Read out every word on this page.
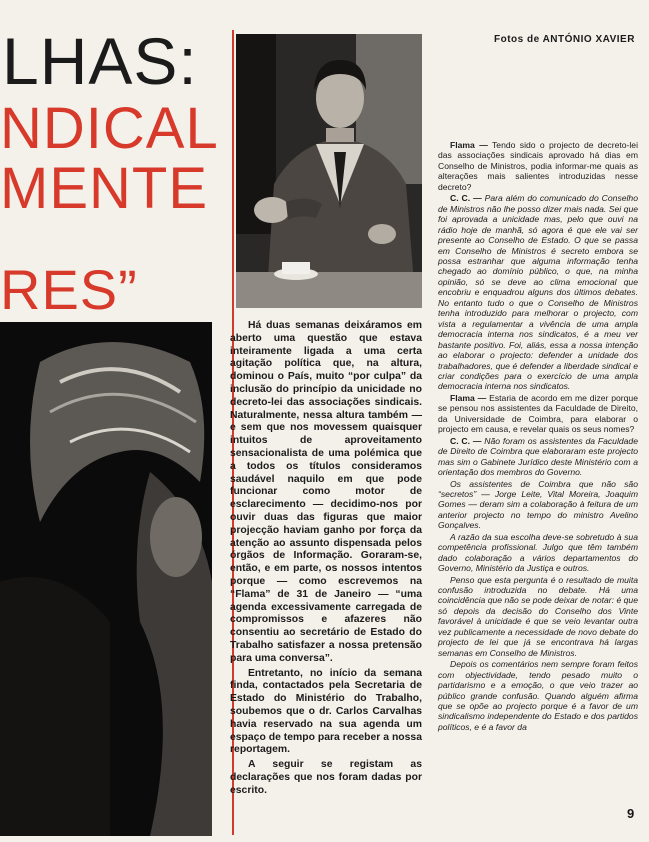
LHAS:
NDICAL
MENTE
RES”

Fotos de ANTÓNIO XAVIER

Há duas semanas deixáramos em aberto uma questão que estava inteiramente ligada a uma certa agitação política que, na altura, dominou o País, muito “por culpa” da inclusão do princípio da unicidade no decreto-lei das associações sindicais. Naturalmente, nessa altura também — e sem que nos movessem quaisquer intuitos de aproveitamento sensacionalista de uma polémica que a todos os títulos consideramos saudável naquilo em que pode funcionar como motor de esclarecimento — decidimo-nos por ouvir duas das figuras que maior projecção haviam ganho por força da atenção ao assunto dispensada pelos órgãos de Informação. Goraram-se, então, e em parte, os nossos intentos porque — como escrevemos na “Flama” de 31 de Janeiro — “uma agenda excessivamente carregada de compromissos e afazeres não consentiu ao secretário de Estado do Trabalho satisfazer a nossa pretensão para uma conversa”.

Entretanto, no início da semana finda, contactados pela Secretaria de Estado do Ministério do Trabalho, soubemos que o dr. Carlos Carvalhas havia reservado na sua agenda um espaço de tempo para receber a nossa reportagem.

A seguir se registam as declarações que nos foram dadas por escrito.

Flama — Tendo sido o projecto de decreto-lei das associações sindicais aprovado há dias em Conselho de Ministros, podia informar-me quais as alterações mais salientes introduzidas nesse decreto?

C. C. — Para além do comunicado do Conselho de Ministros não lhe posso dizer mais nada. Sei que foi aprovada a unicidade mas, pelo que ouvi na rádio hoje de manhã, só agora é que ele vai ser presente ao Conselho de Estado. O que se passa em Conselho de Ministros é secreto embora se possa estranhar que alguma informação tenha chegado ao domínio público, o que, na minha opinião, só se deve ao clima emocional que encobriu e enquadrou alguns dos últimos debates. No entanto tudo o que o Conselho de Ministros tenha introduzido para melhorar o projecto, com vista a regulamentar a vivência de uma ampla democracia interna nos sindicatos, é a meu ver bastante positivo. Foi, aliás, essa a nossa intenção ao elaborar o projecto: defender a unidade dos trabalhadores, que é defender a liberdade sindical e criar condições para o exercício de uma ampla democracia interna nos sindicatos.

Flama — Estaria de acordo em me dizer porque se pensou nos assistentes da Faculdade de Direito, da Universidade de Coimbra, para elaborar o projecto em causa, e revelar quais os seus nomes?

C. C. — Não foram os assistentes da Faculdade de Direito de Coimbra que elaboraram este projecto mas sim o Gabinete Jurídico deste Ministério com a orientação dos membros do Governo.

Os assistentes de Coimbra que não são “secretos” — Jorge Leite, Vital Moreira, Joaquim Gomes — deram sim a colaboração à feitura de um anterior projecto no tempo do ministro Avelino Gonçalves.

A razão da sua escolha deve-se sobretudo à sua competência profissional. Julgo que têm também dado colaboração a vários departamentos do Governo, Ministério da Justiça e outros.

Penso que esta pergunta é o resultado de muita confusão introduzida no debate. Há uma coincidência que não se pode deixar de notar: é que só depois da decisão do Conselho dos Vinte favorável à unicidade é que se veio levantar outra vez publicamente a necessidade de novo debate do projecto de lei que já se encontrava há largas semanas em Conselho de Ministros.

Depois os comentários nem sempre foram feitos com objectividade, tendo pesado muito o partidarismo e a emoção, o que veio trazer ao público grande confusão. Quando alguém afirma que se opõe ao projecto porque é a favor de um sindicalismo independente do Estado e dos partidos políticos, e é a favor da

9
